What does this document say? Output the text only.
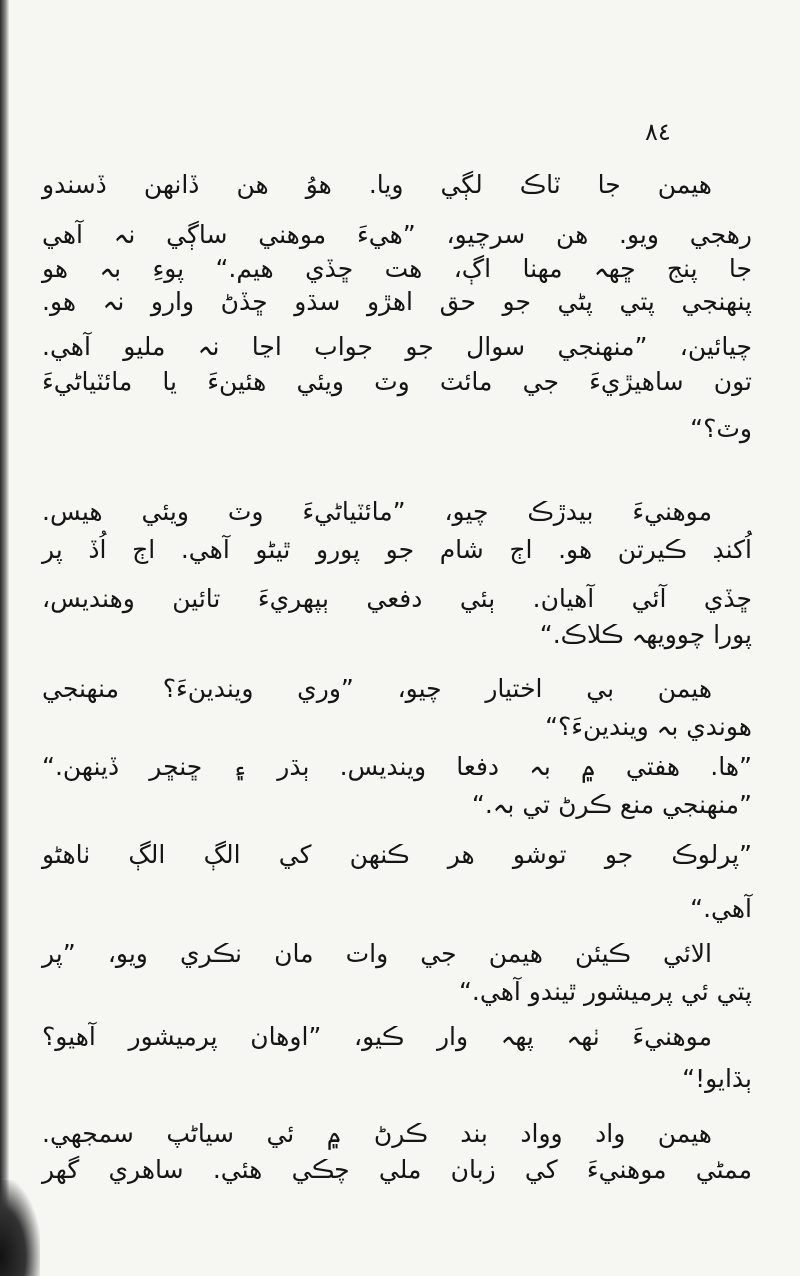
٨٤
هيمن جا ٽاڪ لڳي ويا. هوُ هن ڏانهن ڏسندو
رهجي ويو. هن سرچيو، ”هيءَ موهني ساڳي نہ آهي
جا پنج ڇهہ مهنا اڳ، هت ڇڏي هيم.“ پوءِ بہ هو
پنهنجي پتي پڻي جو حق اهڙو سڌو ڇڏڻ وارو نہ هو.
چيائين، ”منهنجي سوال جو جواب اڃا نہ مليو آهي.
تون ساهيڙيءَ جي مائٽ وٽ ويئي هئينءَ يا مائٽياڻيءَ
وٽ؟“
موهنيءَ بيدڙڪ چيو، ”مائٽياڻيءَ وٽ ويئي هيس.
اُکنڊ ڪيرتن هو. اڄ شام جو پورو ٿيڻو آهي. اڄ اُڏ پر
ڇڏي آئي آهيان. ٻئي دفعي ٻپهريءَ تائين وهنديس،
پورا چوويهہ ڪلاڪ.“
هيمن بي اختيار چيو، ”وري ويندينءَ؟ منهنجي
هوندي بہ ويندينءَ؟“
”ها. هفتي ۾ بہ دفعا وينديس. ٻڌر ۽ ڇنڇر ڏينهن.“
”منهنجي منع ڪرڻ تي بہ.“
”پرلوڪ جو توشو هر ڪنهن کي الڳ الڳ ٺاهڻو
آهي.“
الائي ڪيئن هيمن جي وات مان نڪري ويو، ”پر
پتي ئي پرميشور ٿيندو آهي.“
موهنيءَ ٺهہ پهہ وار ڪيو، ”اوهان پرميشور آهيو؟
ٻڌايو!“
هيمن واد وواد بند ڪرڻ ۾ ئي سياڻپ سمجهي.
ممڻي موهنيءَ کي زبان ملي چڪي هئي. ساهري گهر
